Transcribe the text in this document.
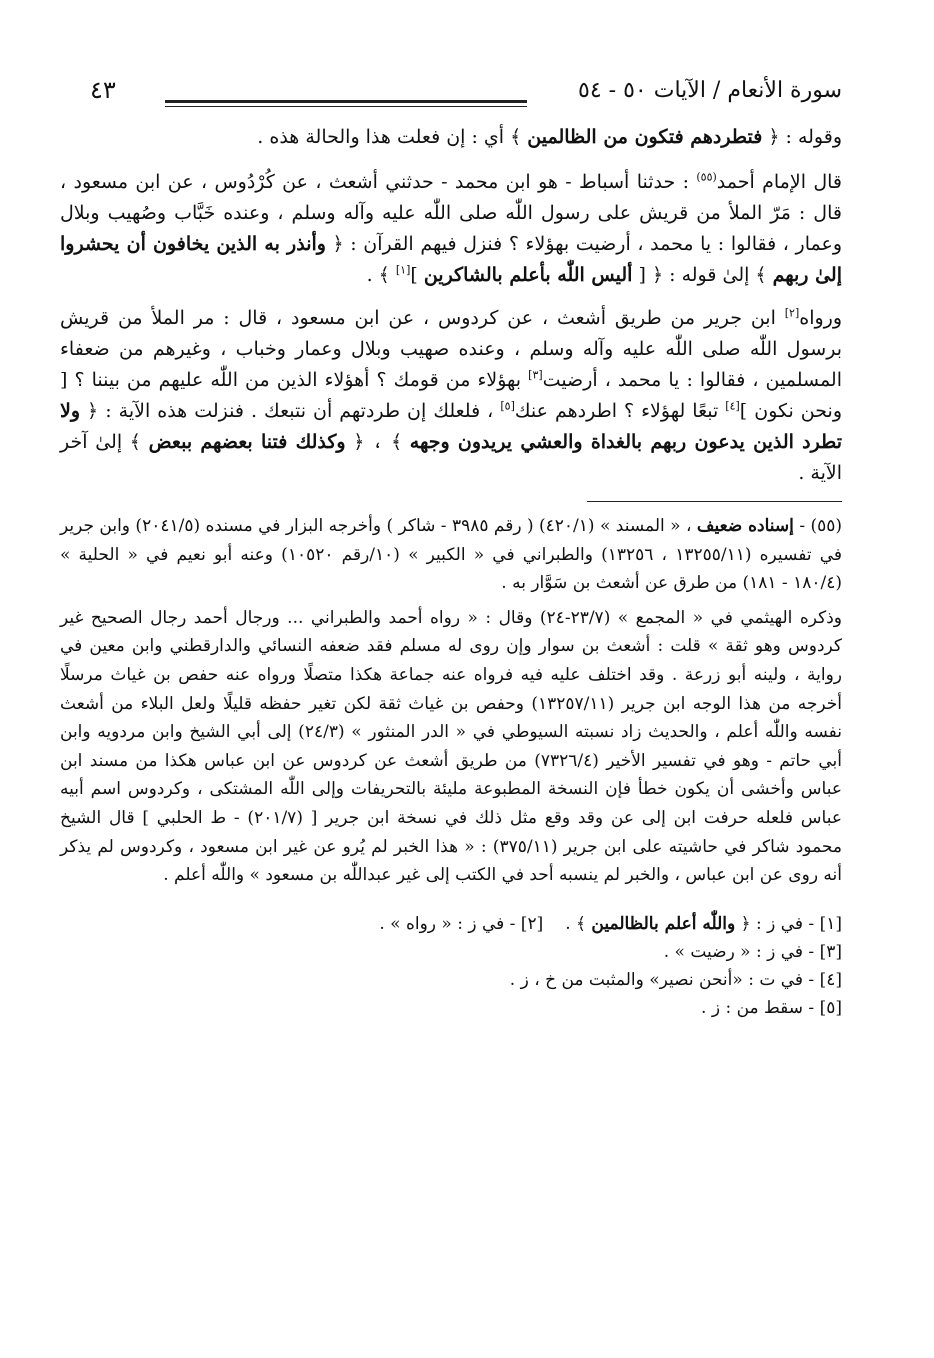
سورة الأنعام / الآيات ٥٠ - ٥٤
٤٣

وقوله : ﴿ فتطردهم فتكون من الظالمين ﴾ أي : إن فعلت هذا والحالة هذه .

قال الإمام أحمد$^{(٥٥)}$ : حدثنا أسباط - هو ابن محمد - حدثني أشعث ، عن كُرْدُوس ، عن ابن مسعود ، قال : مَرّ الملأ من قريش على رسول اللّٰه صلى اللّٰه عليه وآله وسلم ، وعنده خَبَّاب وصُهيب وبلال وعمار ، فقالوا : يا محمد ، أرضيت بهؤلاء ؟ فنزل فيهم القرآن : ﴿ وأنذر به الذين يخافون أن يحشروا إلىٰ ربهم ﴾ إلىٰ قوله : ﴿ [ أليس اللّٰه بأعلم بالشاكرين ][١] ﴾ .

ورواه[٢] ابن جرير من طريق أشعث ، عن كردوس ، عن ابن مسعود ، قال : مر الملأ من قريش برسول اللّٰه صلى اللّٰه عليه وآله وسلم ، وعنده صهيب وبلال وعمار وخباب ، وغيرهم من ضعفاء المسلمين ، فقالوا : يا محمد ، أرضيت[٣] بهؤلاء من قومك ؟ أهؤلاء الذين من اللّٰه عليهم من بيننا ؟ [ ونحن نكون ][٤] تبعًا لهؤلاء ؟ اطردهم عنك[٥] ، فلعلك إن طردتهم أن نتبعك . فنزلت هذه الآية : ﴿ ولا تطرد الذين يدعون ربهم بالغداة والعشي يريدون وجهه ﴾ ، ﴿ وكذلك فتنا بعضهم ببعض ﴾ إلىٰ آخر الآية .

(٥٥) - إسناده ضعيف ، « المسند » (٤٢٠/١) ( رقم ٣٩٨٥ - شاكر ) وأخرجه البزار في مسنده (٢٠٤١/٥) وابن جرير في تفسيره (١٣٢٥٥/١١ ، ١٣٢٥٦) والطبراني في « الكبير » (١٠/رقم ١٠٥٢٠) وعنه أبو نعيم في « الحلية » (١٨٠/٤ - ١٨١) من طرق عن أشعث بن سَوَّار به .

وذكره الهيثمي في « المجمع » (٢٣/٧-٢٤) وقال : « رواه أحمد والطبراني ... ورجال أحمد رجال الصحيح غير كردوس وهو ثقة » قلت : أشعث بن سوار وإن روى له مسلم فقد ضعفه النسائي والدارقطني وابن معين في رواية ، ولينه أبو زرعة . وقد اختلف عليه فيه فرواه عنه جماعة هكذا متصلًا ورواه عنه حفص بن غياث مرسلًا أخرجه من هذا الوجه ابن جرير (١٣٢٥٧/١١) وحفص بن غياث ثقة لكن تغير حفظه قليلًا ولعل البلاء من أشعث نفسه واللّٰه أعلم ، والحديث زاد نسبته السيوطي في « الدر المنثور » (٢٤/٣) إلى أبي الشيخ وابن مردويه وابن أبي حاتم - وهو في تفسير الأخير (٧٣٢٦/٤) من طريق أشعث عن كردوس عن ابن عباس هكذا من مسند ابن عباس وأخشى أن يكون خطأ فإن النسخة المطبوعة مليئة بالتحريفات وإلى اللّٰه المشتكى ، وكردوس اسم أبيه عباس فلعله حرفت ابن إلى عن وقد وقع مثل ذلك في نسخة ابن جرير [ (٢٠١/٧) - ط الحلبي ] قال الشيخ محمود شاكر في حاشيته على ابن جرير (٣٧٥/١١) : « هذا الخبر لم يُرو عن غير ابن مسعود ، وكردوس لم يذكر أنه روى عن ابن عباس ، والخبر لم ينسبه أحد في الكتب إلى غير عبداللّٰه بن مسعود » واللّٰه أعلم .

[١] - في ز : ﴿ واللّٰه أعلم بالظالمين ﴾ .[٢] - في ز : « رواه » .
[٣] - في ز : « رضيت » .
[٤] - في ت : «أنحن نصير» والمثبت من خ ، ز .
[٥] - سقط من : ز .
